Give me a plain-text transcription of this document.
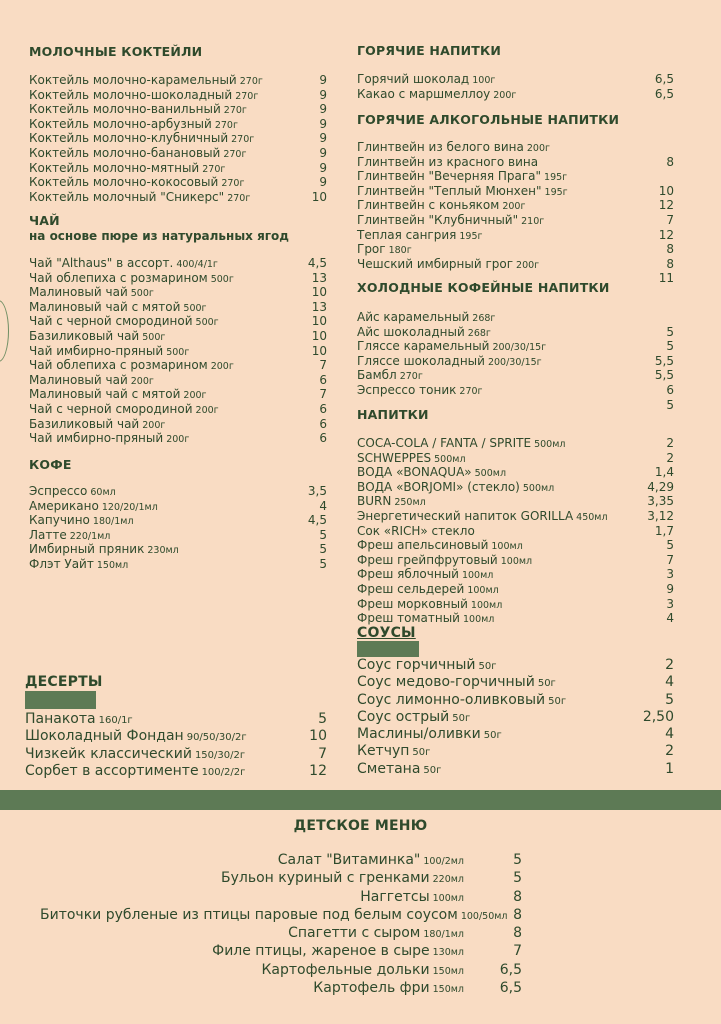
МОЛОЧНЫЕ КОКТЕЙЛИ
Коктейль молочно-карамельный 270г	9
Коктейль молочно-шоколадный 270г	9
Коктейль молочно-ванильный 270г	9
Коктейль молочно-арбузный 270г	9
Коктейль молочно-клубничный 270г	9
Коктейль молочно-банановый 270г	9
Коктейль молочно-мятный 270г	9
Коктейль молочно-кокосовый 270г	9
Коктейль молочный "Сникерс" 270г	10
ЧАЙ
на основе пюре из натуральных ягод
Чай "Althaus" в ассорт. 400/4/1г	4,5
Чай облепиха с розмарином 500г	13
Малиновый чай 500г	10
Малиновый чай с мятой 500г	13
Чай с черной смородиной 500г	10
Базиликовый чай 500г	10
Чай имбирно-пряный 500г	10
Чай облепиха с розмарином 200г	7
Малиновый чай 200г	6
Малиновый чай с мятой 200г	7
Чай с черной смородиной 200г	6
Базиликовый чай 200г	6
Чай имбирно-пряный 200г	6
КОФЕ
Эспрессо 60мл	3,5
Американо 120/20/1мл	4
Капучино 180/1мл	4,5
Латте 220/1мл	5
Имбирный пряник 230мл	5
Флэт Уайт 150мл	5
ДЕСЕРТЫ
Панакота 160/1г	5
Шоколадный Фондан 90/50/30/2г	10
Чизкейк классический 150/30/2г	7
Сорбет в ассортименте 100/2/2г	12
ГОРЯЧИЕ НАПИТКИ
Горячий шоколад 100г	6,5
Какао с маршмеллоу 200г	6,5
ГОРЯЧИЕ АЛКОГОЛЬНЫЕ НАПИТКИ
Глинтвейн из белого вина 200г
Глинтвейн из красного вина	8
Глинтвейн "Вечерняя Прага" 195г
Глинтвейн "Теплый Мюнхен" 195г	10
Глинтвейн с коньяком 200г	12
Глинтвейн "Клубничный" 210г	7
Теплая сангрия 195г	12
Грог 180г	8
Чешский имбирный грог 200г	8
11
ХОЛОДНЫЕ КОФЕЙНЫЕ НАПИТКИ
Айс карамельный 268г
Айс шоколадный 268г	5
Гляссе карамельный 200/30/15г	5
Гляссе шоколадный 200/30/15г	5,5
Бамбл 270г	5,5
Эспрессо тоник 270г	6
5
НАПИТКИ
COCA-COLA / FANTA / SPRITE 500мл	2
SCHWEPPES 500мл	2
ВОДА «BONAQUA» 500мл	1,4
ВОДА «BORJOMI» (стекло) 500мл	4,29
BURN 250мл	3,35
Энергетический напиток GORILLA 450мл	3,12
Сок «RICH» стекло	1,7
Фреш апельсиновый 100мл	5
Фреш грейпфрутовый 100мл	7
Фреш яблочный 100мл	3
Фреш сельдерей 100мл	9
Фреш морковный 100мл	3
Фреш томатный 100мл	4
СОУСЫ
Соус горчичный 50г	2
Соус медово-горчичный 50г	4
Соус лимонно-оливковый 50г	5
Соус острый 50г	2,50
Маслины/оливки 50г	4
Кетчуп 50г	2
Сметана 50г	1
ДЕТСКОЕ МЕНЮ
Салат "Витаминка" 100/2мл	5
Бульон куриный с гренками 220мл	5
Наггетсы 100мл	8
Биточки рубленые из птицы паровые под белым соусом 100/50мл 8
Спагетти с сыром 180/1мл	8
Филе птицы, жареное в сыре 130мл	7
Картофельные дольки 150мл	6,5
Картофель фри 150мл	6,5
